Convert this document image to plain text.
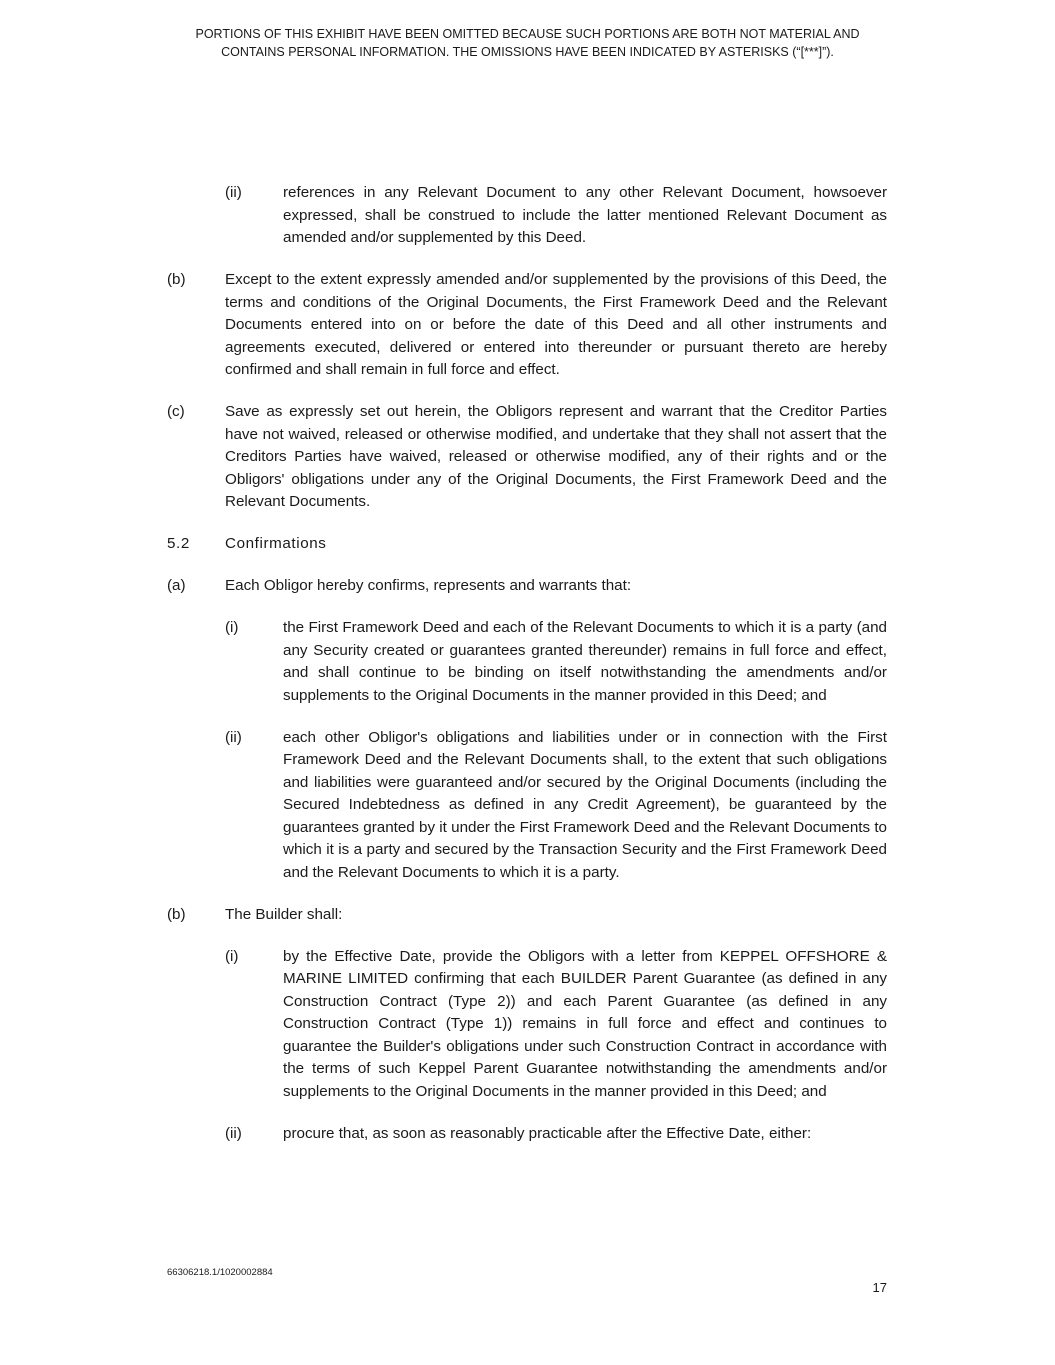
PORTIONS OF THIS EXHIBIT HAVE BEEN OMITTED BECAUSE SUCH PORTIONS ARE BOTH NOT MATERIAL AND
CONTAINS PERSONAL INFORMATION. THE OMISSIONS HAVE BEEN INDICATED BY ASTERISKS (“[***]”).
(ii)	references in any Relevant Document to any other Relevant Document, howsoever expressed, shall be construed to include the latter mentioned Relevant Document as amended and/or supplemented by this Deed.
(b)	Except to the extent expressly amended and/or supplemented by the provisions of this Deed, the terms and conditions of the Original Documents, the First Framework Deed and the Relevant Documents entered into on or before the date of this Deed and all other instruments and agreements executed, delivered or entered into thereunder or pursuant thereto are hereby confirmed and shall remain in full force and effect.
(c)	Save as expressly set out herein, the Obligors represent and warrant that the Creditor Parties have not waived, released or otherwise modified, and undertake that they shall not assert that the Creditors Parties have waived, released or otherwise modified, any of their rights and or the Obligors' obligations under any of the Original Documents, the First Framework Deed and the Relevant Documents.
5.2 Confirmations
(a)	Each Obligor hereby confirms, represents and warrants that:
(i)	the First Framework Deed and each of the Relevant Documents to which it is a party (and any Security created or guarantees granted thereunder) remains in full force and effect, and shall continue to be binding on itself notwithstanding the amendments and/or supplements to the Original Documents in the manner provided in this Deed; and
(ii)	each other Obligor's obligations and liabilities under or in connection with the First Framework Deed and the Relevant Documents shall, to the extent that such obligations and liabilities were guaranteed and/or secured by the Original Documents (including the Secured Indebtedness as defined in any Credit Agreement), be guaranteed by the guarantees granted by it under the First Framework Deed and the Relevant Documents to which it is a party and secured by the Transaction Security and the First Framework Deed and the Relevant Documents to which it is a party.
(b)	The Builder shall:
(i)	by the Effective Date, provide the Obligors with a letter from KEPPEL OFFSHORE & MARINE LIMITED confirming that each BUILDER Parent Guarantee (as defined in any Construction Contract (Type 2)) and each Parent Guarantee (as defined in any Construction Contract (Type 1)) remains in full force and effect and continues to guarantee the Builder's obligations under such Construction Contract in accordance with the terms of such Keppel Parent Guarantee notwithstanding the amendments and/or supplements to the Original Documents in the manner provided in this Deed; and
(ii)	procure that, as soon as reasonably practicable after the Effective Date, either:
66306218.1/1020002884
17
